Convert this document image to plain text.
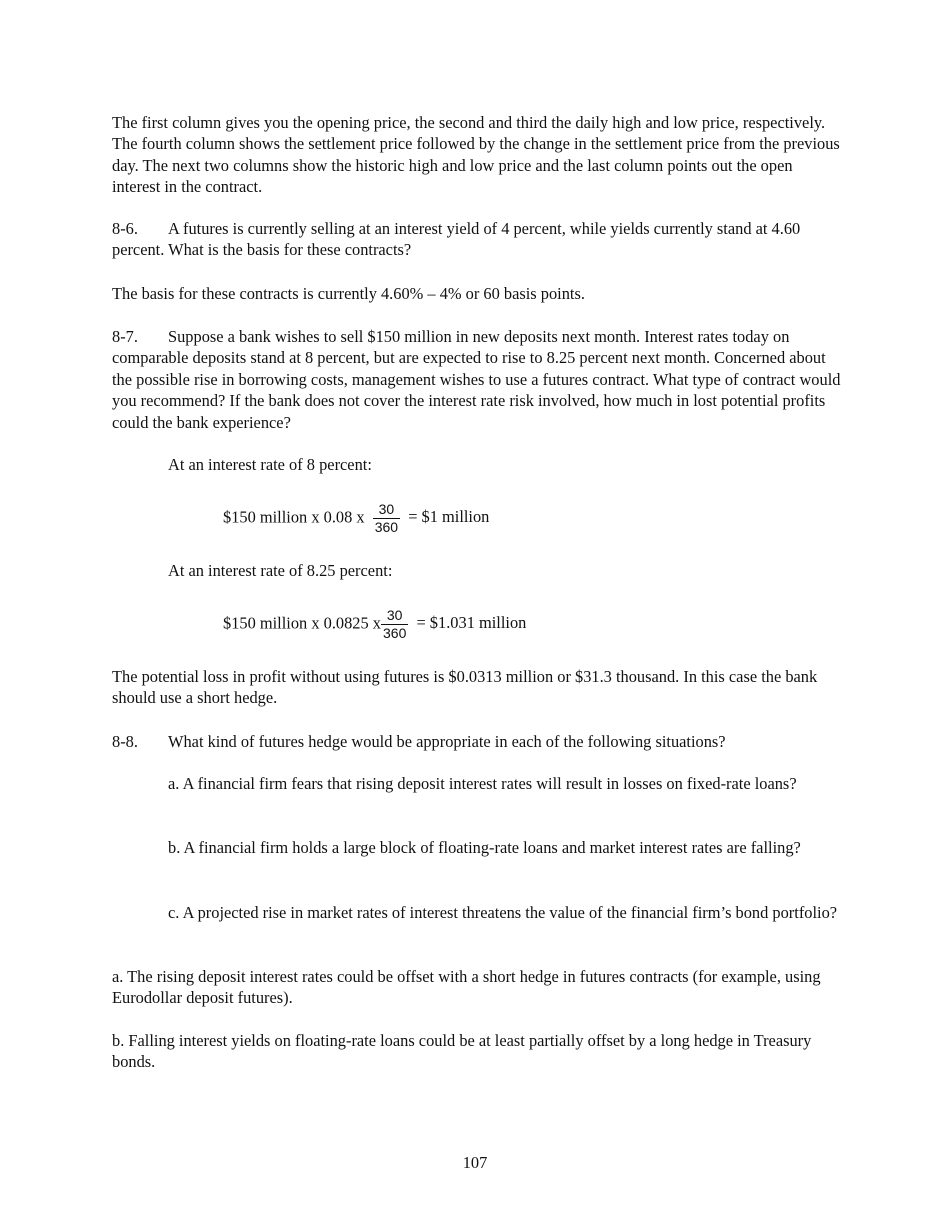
The first column gives you the opening price, the second and third the daily high and low price, respectively. The fourth column shows the settlement price followed by the change in the settlement price from the previous day. The next two columns show the historic high and low price and the last column points out the open interest in the contract.

8-6. A futures is currently selling at an interest yield of 4 percent, while yields currently stand at 4.60 percent. What is the basis for these contracts?

The basis for these contracts is currently 4.60% – 4% or 60 basis points.

8-7. Suppose a bank wishes to sell $150 million in new deposits next month. Interest rates today on comparable deposits stand at 8 percent, but are expected to rise to 8.25 percent next month. Concerned about the possible rise in borrowing costs, management wishes to use a futures contract. What type of contract would you recommend? If the bank does not cover the interest rate risk involved, how much in lost potential profits could the bank experience?

At an interest rate of 8 percent:

$150 million x 0.08 x $\frac{30}{360}$ = $1 million

At an interest rate of 8.25 percent:

$150 million x 0.0825 x $\frac{30}{360}$ = $1.031 million

The potential loss in profit without using futures is $0.0313 million or $31.3 thousand. In this case the bank should use a short hedge.

8-8. What kind of futures hedge would be appropriate in each of the following situations?

a. A financial firm fears that rising deposit interest rates will result in losses on fixed-rate loans?

b. A financial firm holds a large block of floating-rate loans and market interest rates are falling?

c. A projected rise in market rates of interest threatens the value of the financial firm’s bond portfolio?

a. The rising deposit interest rates could be offset with a short hedge in futures contracts (for example, using Eurodollar deposit futures).

b. Falling interest yields on floating-rate loans could be at least partially offset by a long hedge in Treasury bonds.

107
